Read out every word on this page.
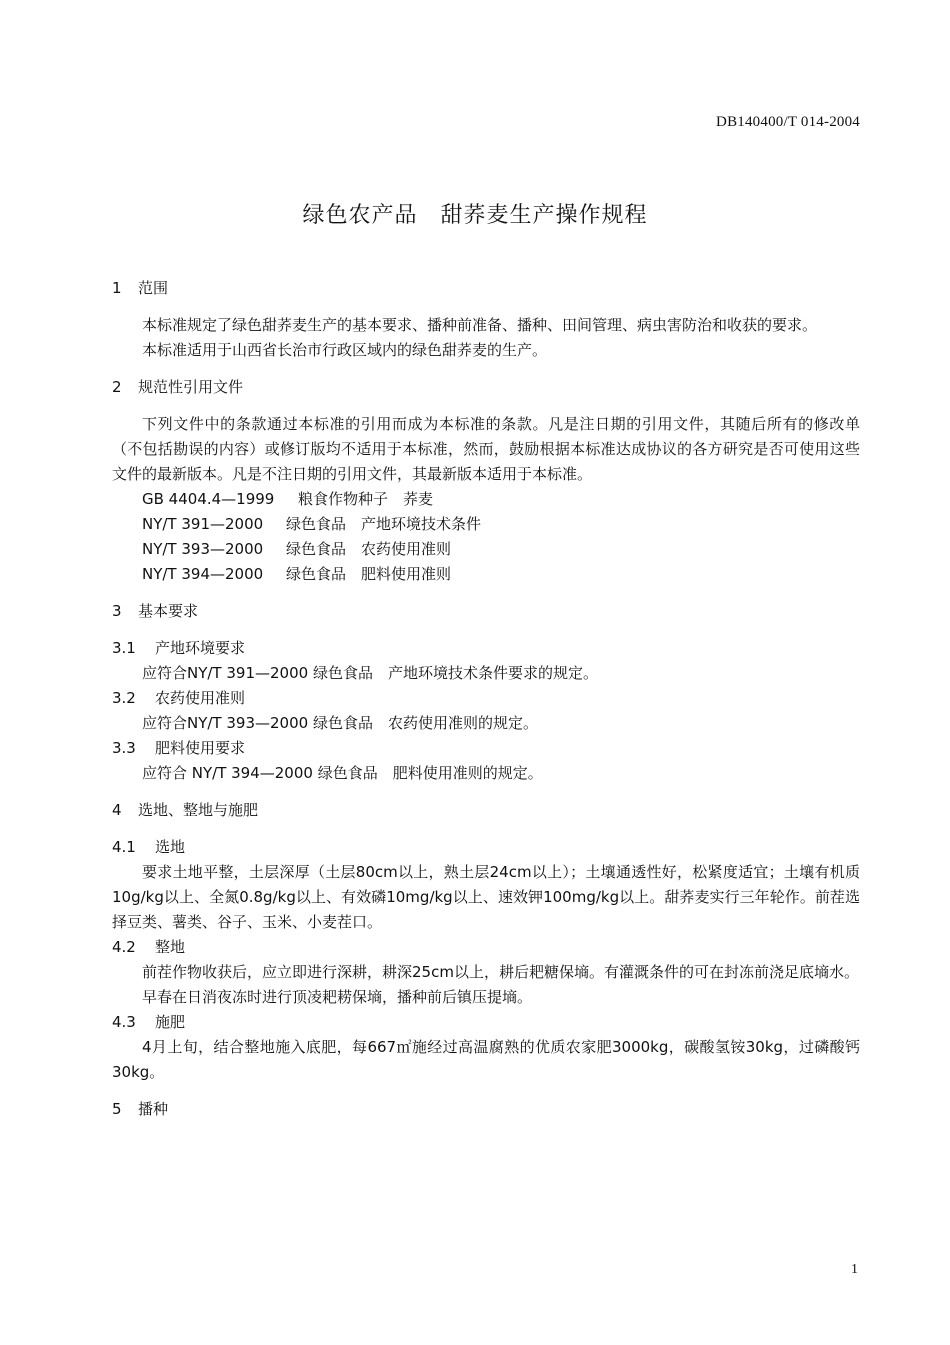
DB140400/T 014-2004
绿色农产品　甜荞麦生产操作规程
1 范围

本标准规定了绿色甜荞麦生产的基本要求、播种前准备、播种、田间管理、病虫害防治和收获的要求。

本标准适用于山西省长治市行政区域内的绿色甜荞麦的生产。

2 规范性引用文件

下列文件中的条款通过本标准的引用而成为本标准的条款。凡是注日期的引用文件，其随后所有的修改单（不包括勘误的内容）或修订版均不适用于本标准，然而，鼓励根据本标准达成协议的各方研究是否可使用这些文件的最新版本。凡是不注日期的引用文件，其最新版本适用于本标准。

GB 4404.4—1999 粮食作物种子　荞麦
NY/T 391—2000 绿色食品　产地环境技术条件
NY/T 393—2000 绿色食品　农药使用准则
NY/T 394—2000 绿色食品　肥料使用准则
3 基本要求
3.1 产地环境要求

应符合NY/T 391—2000 绿色食品　产地环境技术条件要求的规定。

3.2 农药使用准则

应符合NY/T 393—2000 绿色食品　农药使用准则的规定。

3.3 肥料使用要求

应符合 NY/T 394—2000 绿色食品　肥料使用准则的规定。

4 选地、整地与施肥
4.1 选地

要求土地平整，土层深厚（土层80cm以上，熟土层24cm以上）；土壤通透性好，松紧度适宜；土壤有机质10g/kg以上、全氮0.8g/kg以上、有效磷10mg/kg以上、速效钾100mg/kg以上。甜荞麦实行三年轮作。前茬选择豆类、薯类、谷子、玉米、小麦茬口。

4.2 整地

前茬作物收获后，应立即进行深耕，耕深25cm以上，耕后耙糖保墒。有灌溉条件的可在封冻前浇足底墒水。

早春在日消夜冻时进行顶凌耙耢保墒，播种前后镇压提墒。

4.3 施肥

4月上旬，结合整地施入底肥，每667㎡施经过高温腐熟的优质农家肥3000kg，碳酸氢铵30kg，过磷酸钙30kg。

5 播种
1
